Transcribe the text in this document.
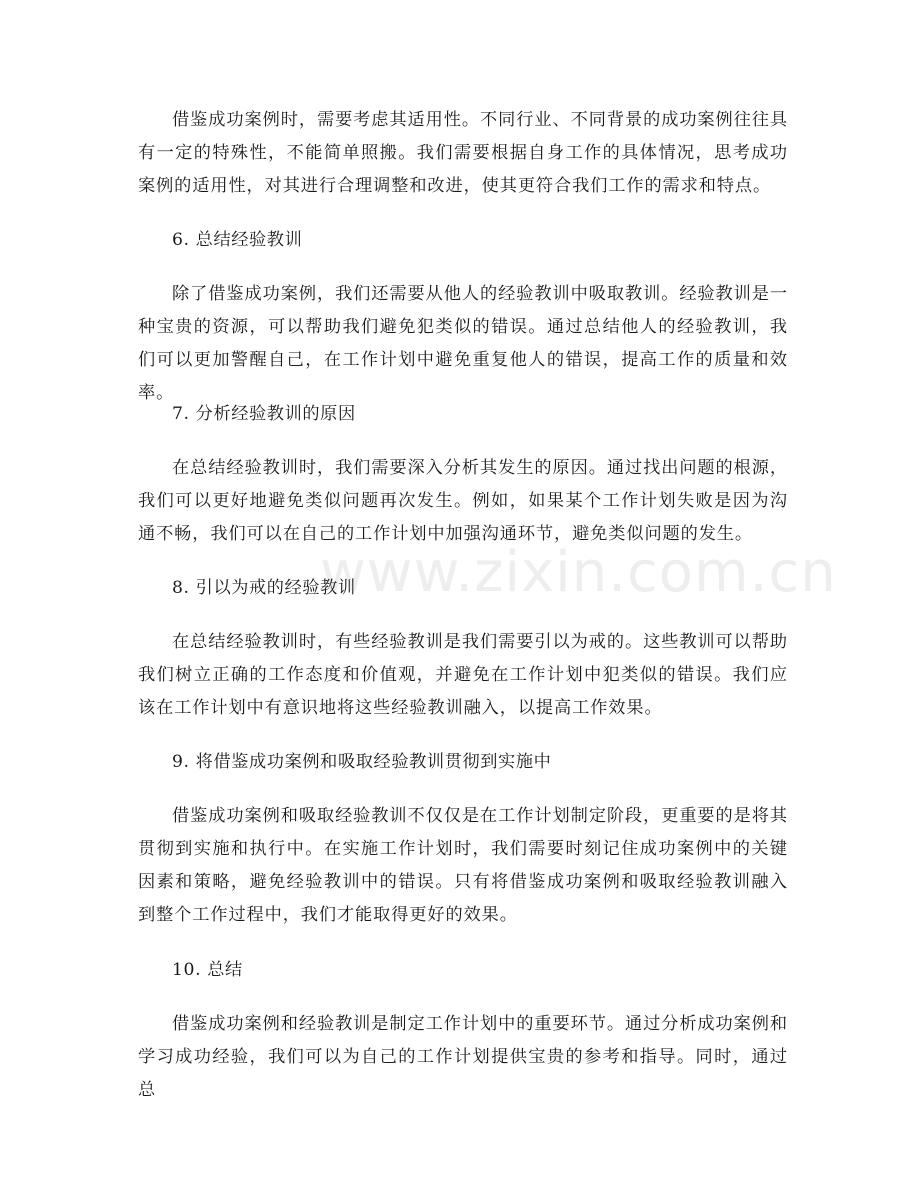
借鉴成功案例时，需要考虑其适用性。不同行业、不同背景的成功案例往往具有一定的特殊性，不能简单照搬。我们需要根据自身工作的具体情况，思考成功案例的适用性，对其进行合理调整和改进，使其更符合我们工作的需求和特点。

6. 总结经验教训

除了借鉴成功案例，我们还需要从他人的经验教训中吸取教训。经验教训是一种宝贵的资源，可以帮助我们避免犯类似的错误。通过总结他人的经验教训，我们可以更加警醒自己，在工作计划中避免重复他人的错误，提高工作的质量和效率。

7. 分析经验教训的原因

在总结经验教训时，我们需要深入分析其发生的原因。通过找出问题的根源，我们可以更好地避免类似问题再次发生。例如，如果某个工作计划失败是因为沟通不畅，我们可以在自己的工作计划中加强沟通环节，避免类似问题的发生。

8. 引以为戒的经验教训

在总结经验教训时，有些经验教训是我们需要引以为戒的。这些教训可以帮助我们树立正确的工作态度和价值观，并避免在工作计划中犯类似的错误。我们应该在工作计划中有意识地将这些经验教训融入，以提高工作效果。

9. 将借鉴成功案例和吸取经验教训贯彻到实施中

借鉴成功案例和吸取经验教训不仅仅是在工作计划制定阶段，更重要的是将其贯彻到实施和执行中。在实施工作计划时，我们需要时刻记住成功案例中的关键因素和策略，避免经验教训中的错误。只有将借鉴成功案例和吸取经验教训融入到整个工作过程中，我们才能取得更好的效果。

10. 总结

借鉴成功案例和经验教训是制定工作计划中的重要环节。通过分析成功案例和学习成功经验，我们可以为自己的工作计划提供宝贵的参考和指导。同时，通过总

www.zixin.com.cn
